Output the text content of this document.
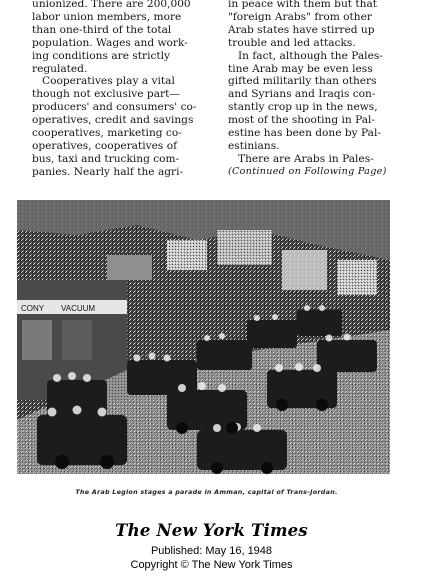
unionized. There are 200,000
labor union members, more
than one-third of the total
population. Wages and work-
ing conditions are strictly
regulated.
Cooperatives play a vital
though not exclusive part—
producers' and consumers' co-
operatives, credit and savings
cooperatives, marketing co-
operatives, cooperatives of
bus, taxi and trucking com-
panies. Nearly half the agri-
in peace with them but that
"foreign Arabs" from other
Arab states have stirred up
trouble and led attacks.
In fact, although the Pales-
tine Arab may be even less
gifted militarily than others
and Syrians and Iraqis con-
stantly crop up in the news,
most of the shooting in Pal-
estine has been done by Pal-
estinians.
There are Arabs in Pales-
(Continued on Following Page)
CONY VACUUM
The Arab Legion stages a parade in Amman, capital of Trans-Jordan.
The New York Times
Published: May 16, 1948
Copyright © The New York Times
